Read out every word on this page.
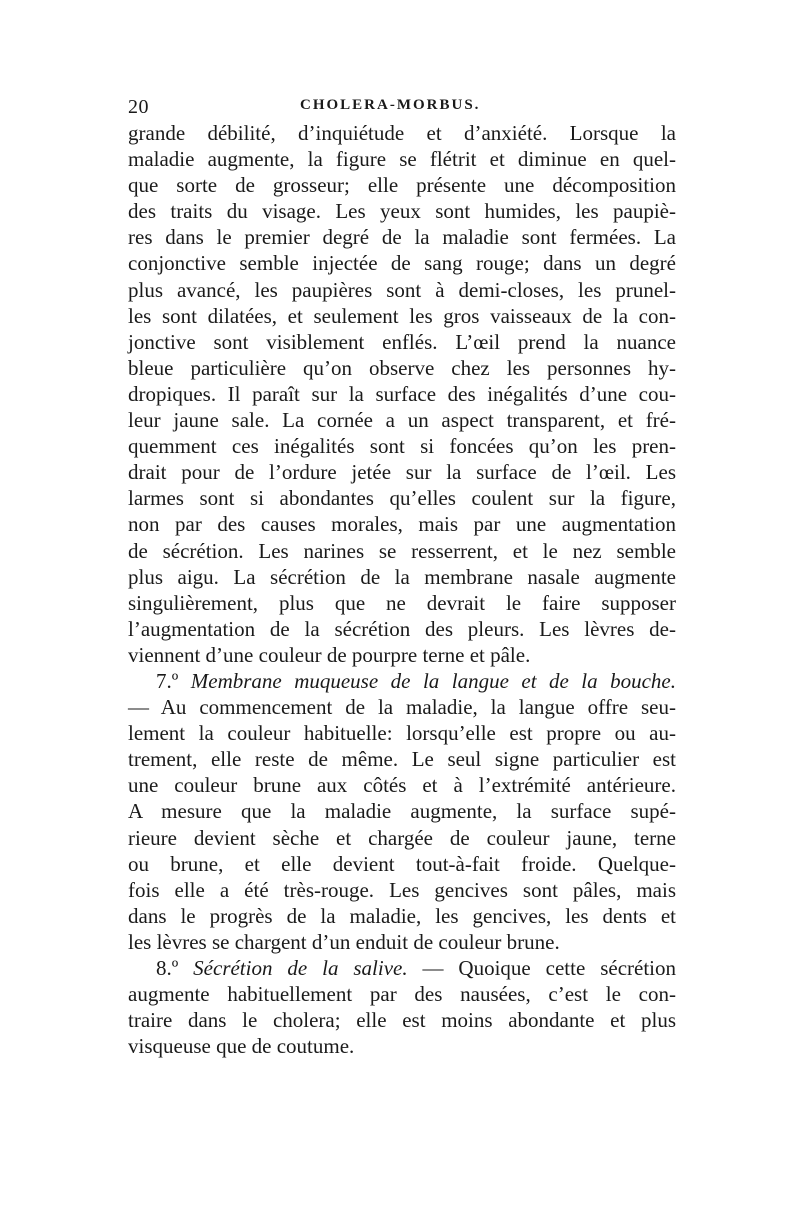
20	CHOLERA-MORBUS.
grande débilité, d’inquiétude et d’anxiété. Lorsque la
maladie augmente, la figure se flétrit et diminue en quel-
que sorte de grosseur; elle présente une décomposition
des traits du visage. Les yeux sont humides, les paupiè-
res dans le premier degré de la maladie sont fermées. La
conjonctive semble injectée de sang rouge; dans un degré
plus avancé, les paupières sont à demi-closes, les prunel-
les sont dilatées, et seulement les gros vaisseaux de la con-
jonctive sont visiblement enflés. L’œil prend la nuance
bleue particulière qu’on observe chez les personnes hy-
dropiques. Il paraît sur la surface des inégalités d’une cou-
leur jaune sale. La cornée a un aspect transparent, et fré-
quemment ces inégalités sont si foncées qu’on les pren-
drait pour de l’ordure jetée sur la surface de l’œil. Les
larmes sont si abondantes qu’elles coulent sur la figure,
non par des causes morales, mais par une augmentation
de sécrétion. Les narines se resserrent, et le nez semble
plus aigu. La sécrétion de la membrane nasale augmente
singulièrement, plus que ne devrait le faire supposer
l’augmentation de la sécrétion des pleurs. Les lèvres de-
viennent d’une couleur de pourpre terne et pâle.
7.º Membrane muqueuse de la langue et de la bouche.
— Au commencement de la maladie, la langue offre seu-
lement la couleur habituelle: lorsqu’elle est propre ou au-
trement, elle reste de même. Le seul signe particulier est
une couleur brune aux côtés et à l’extrémité antérieure.
A mesure que la maladie augmente, la surface supé-
rieure devient sèche et chargée de couleur jaune, terne
ou brune, et elle devient tout-à-fait froide. Quelque-
fois elle a été très-rouge. Les gencives sont pâles, mais
dans le progrès de la maladie, les gencives, les dents et
les lèvres se chargent d’un enduit de couleur brune.
8.º Sécrétion de la salive. — Quoique cette sécrétion
augmente habituellement par des nausées, c’est le con-
traire dans le cholera; elle est moins abondante et plus
visqueuse que de coutume.
